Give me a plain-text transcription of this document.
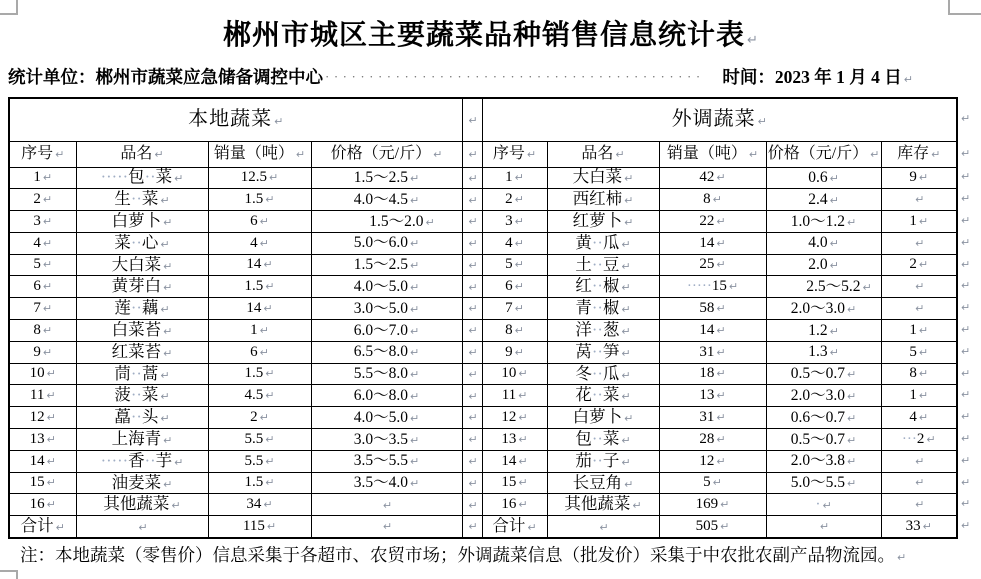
郴州市城区主要蔬菜品种销售信息统计表 ↵
统计单位：郴州市蔬菜应急储备调控中心 ···········································	时间：2023 年 1 月 4 日 ↵
本地蔬菜 ↵				↵	外调蔬菜 ↵				
序号 ↵	品名 ↵	销量（吨） ↵	价格（元/斤） ↵	↵	序号 ↵	品名 ↵	销量（吨） ↵	价格（元/斤） ↵	库存 ↵
1 ↵	·····包··菜 ↵	12.5 ↵	1.5～2.5 ↵	↵	1 ↵	大白菜 ↵	42 ↵	0.6 ↵	9 ↵
2 ↵	生··菜 ↵	1.5 ↵	4.0～4.5 ↵	↵	2 ↵	西红柿 ↵	8 ↵	2.4 ↵	↵
3 ↵	白萝卜 ↵	6 ↵	　　1.5～2.0 ↵	↵	3 ↵	红萝卜 ↵	22 ↵	1.0～1.2 ↵	1 ↵
4 ↵	菜··心 ↵	4 ↵	5.0～6.0 ↵	↵	4 ↵	黄··瓜 ↵	14 ↵	4.0 ↵	↵
5 ↵	大白菜 ↵	14 ↵	1.5～2.5 ↵	↵	5 ↵	土··豆 ↵	25 ↵	2.0 ↵	2 ↵
6 ↵	黄芽白 ↵	1.5 ↵	4.0～5.0 ↵	↵	6 ↵	红··椒 ↵	·····15 ↵	　　2.5～5.2 ↵	↵
7 ↵	莲··藕 ↵	14 ↵	3.0～5.0 ↵	↵	7 ↵	青··椒 ↵	58 ↵	2.0～3.0 ↵	↵
8 ↵	白菜苔 ↵	1 ↵	6.0～7.0 ↵	↵	8 ↵	洋··葱 ↵	14 ↵	1.2 ↵	1 ↵
9 ↵	红菜苔 ↵	6 ↵	6.5～8.0 ↵	↵	9 ↵	莴··笋 ↵	31 ↵	1.3 ↵	5 ↵
10 ↵	茼··蒿 ↵	1.5 ↵	5.5～8.0 ↵	↵	10 ↵	冬··瓜 ↵	18 ↵	0.5～0.7 ↵	8 ↵
11 ↵	菠··菜 ↵	4.5 ↵	6.0～8.0 ↵	↵	11 ↵	花··菜 ↵	13 ↵	2.0～3.0 ↵	1 ↵
12 ↵	藠··头 ↵	2 ↵	4.0～5.0 ↵	↵	12 ↵	白萝卜 ↵	31 ↵	0.6～0.7 ↵	4 ↵
13 ↵	上海青 ↵	5.5 ↵	3.0～3.5 ↵	↵	13 ↵	包··菜 ↵	28 ↵	0.5～0.7 ↵	···2 ↵
14 ↵	·····香··芋 ↵	5.5 ↵	3.5～5.5 ↵	↵	14 ↵	茄··子 ↵	12 ↵	2.0～3.8 ↵	↵
15 ↵	油麦菜 ↵	1.5 ↵	3.5～4.0 ↵	↵	15 ↵	长豆角 ↵	5 ↵	5.0～5.5 ↵	↵
16 ↵	其他蔬菜 ↵	34 ↵	↵	↵	16 ↵	其他蔬菜 ↵	169 ↵	· ↵	↵
合计 ↵	↵	115 ↵	↵	↵	合计 ↵	↵	505 ↵	↵	33 ↵
↵
↵
↵
↵
↵
↵
↵
↵
↵
↵
↵
↵
↵
↵
↵
↵
↵
↵
↵
注：本地蔬菜（零售价）信息采集于各超市、农贸市场；外调蔬菜信息（批发价）采集于中农批农副产品物流园。 ↵
